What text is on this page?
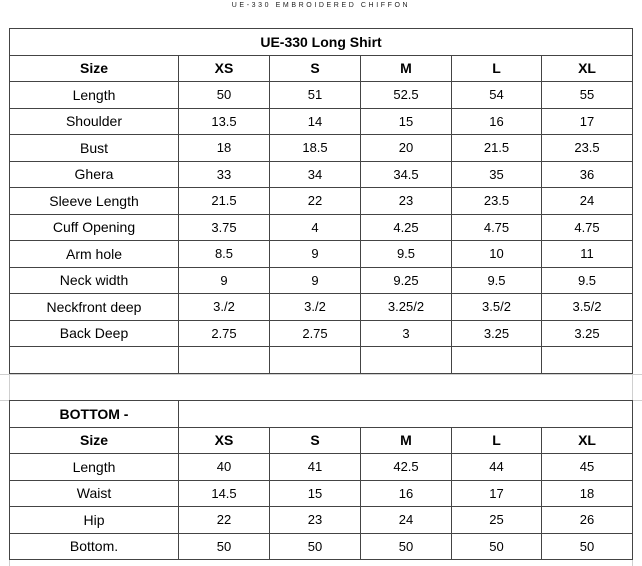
UE-330 EMBROIDERED CHIFFON
UE-330 Long Shirt					
Size	XS	S	M	L	XL
Length	50	51	52.5	54	55
Shoulder	13.5	14	15	16	17
Bust	18	18.5	20	21.5	23.5
Ghera	33	34	34.5	35	36
Sleeve Length	21.5	22	23	23.5	24
Cuff Opening	3.75	4	4.25	4.75	4.75
Arm hole	8.5	9	9.5	10	11
Neck width	9	9	9.25	9.5	9.5
Neckfront deep	3./2	3./2	3.25/2	3.5/2	3.5/2
Back Deep	2.75	2.75	3	3.25	3.25

BOTTOM -					
Size	XS	S	M	L	XL
Length	40	41	42.5	44	45
Waist	14.5	15	16	17	18
Hip	22	23	24	25	26
Bottom.	50	50	50	50	50
